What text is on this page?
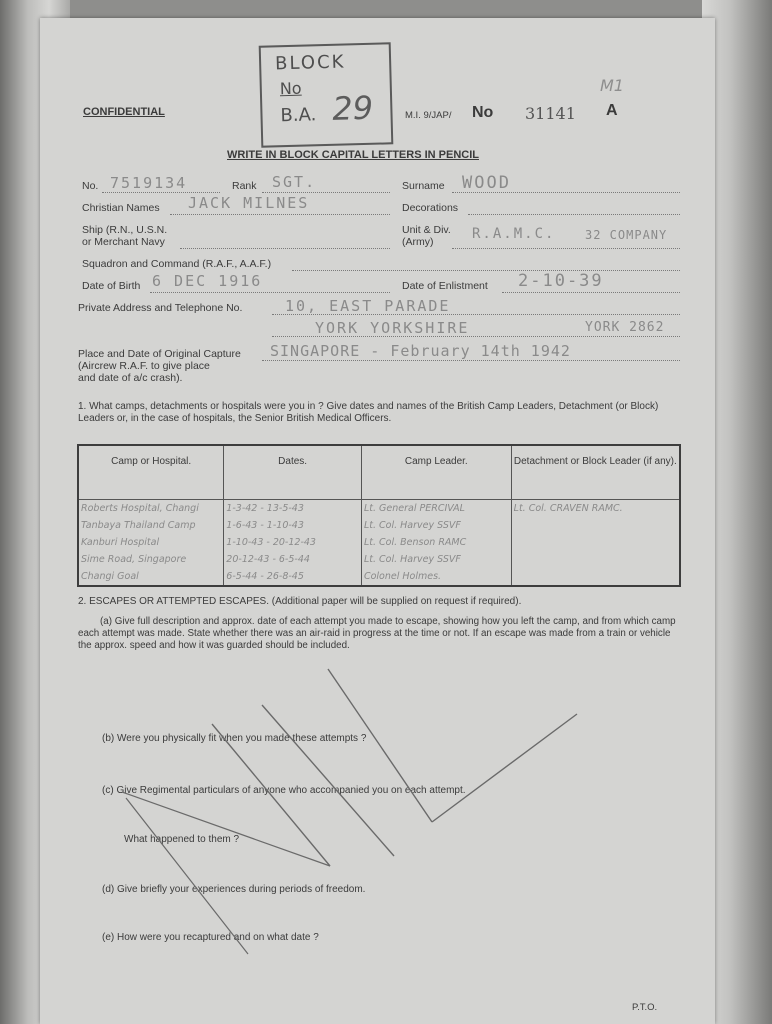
CONFIDENTIAL
BLOCK
No
B.A. 29	M.I. 9/JAP/ No 31141 A
M1
WRITE IN BLOCK CAPITAL LETTERS IN PENCIL
No. 7519134	Rank SGT.	Surname WOOD
Christian Names JACK MILNES	Decorations
Ship (R.N., U.S.N.
or Merchant Navy
Unit & Div.
(Army)	R.A.M.C. 32 COMPANY
Squadron and Command (R.A.F., A.A.F.)
Date of Birth 6 DEC 1916	Date of Enlistment 2-10-39
Private Address and Telephone No.	10, EAST PARADE
YORK YORKSHIRE	YORK 2862
Place and Date of Original Capture
(Aircrew R.A.F. to give place
and date of a/c crash).
SINGAPORE - February 14th 1942
1. What camps, detachments or hospitals were you in ? Give dates and names of the British Camp Leaders, Detachment (or Block) Leaders or, in the case of hospitals, the Senior British Medical Officers.
Camp or Hospital.	Dates.	Camp Leader.	Detachment or Block Leader (if any).
Roberts Hospital, Changi	1-3-42 - 13-5-43	Lt. General PERCIVAL	Lt. Col. CRAVEN RAMC.
Tanbaya Thailand Camp	1-6-43 - 1-10-43	Lt. Col. Harvey SSVF	
Kanburi Hospital	1-10-43 - 20-12-43	Lt. Col. Benson RAMC	
Sime Road, Singapore	20-12-43 - 6-5-44	Lt. Col. Harvey SSVF	
Changi Goal	6-5-44 - 26-8-45	Colonel Holmes.	
2. ESCAPES OR ATTEMPTED ESCAPES. (Additional paper will be supplied on request if required).
(a) Give full description and approx. date of each attempt you made to escape, showing how you left the camp, and from which camp each attempt was made. State whether there was an air-raid in progress at the time or not. If an escape was made from a train or vehicle the approx. speed and how it was guarded should be included.
(b) Were you physically fit when you made these attempts ?
(c) Give Regimental particulars of anyone who accompanied you on each attempt.
What happened to them ?
(d) Give briefly your experiences during periods of freedom.
(e) How were you recaptured and on what date ?
P.T.O.
